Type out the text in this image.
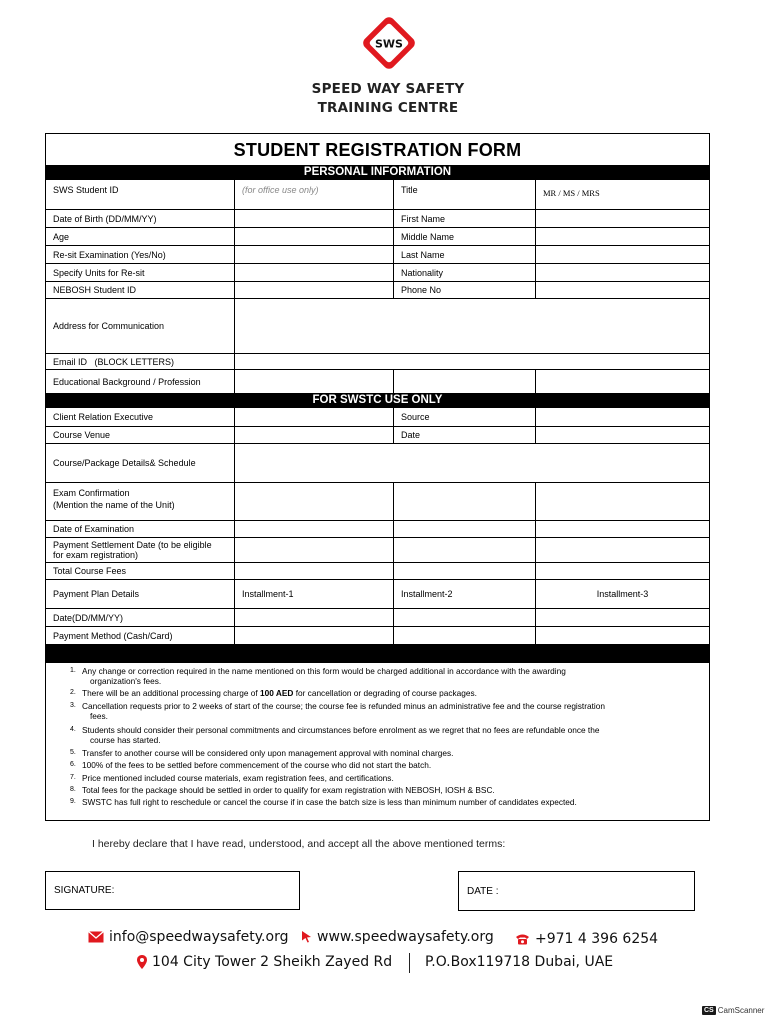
SWS
SPEED WAY SAFETY
TRAINING CENTRE
STUDENT REGISTRATION FORM
PERSONAL INFORMATION
SWS Student ID	(for office use only)	Title	MR / MS / MRS
Date of Birth (DD/MM/YY)	First Name
Age	Middle Name
Re-sit Examination (Yes/No)	Last Name
Specify Units for Re-sit	Nationality
NEBOSH Student ID	Phone No
Address for Communication
Email ID   (BLOCK LETTERS)
Educational Background / Profession
FOR SWSTC USE ONLY
Client Relation Executive	Source
Course Venue	Date
Course/Package Details& Schedule
Exam Confirmation
(Mention the name of the Unit)
Date of Examination
Payment Settlement Date (to be eligible
for exam registration)
Total Course Fees
Payment Plan Details	Installment-1	Installment-2	Installment-3
Date(DD/MM/YY)
Payment Method (Cash/Card)
1. Any change or correction required in the name mentioned on this form would be charged additional in accordance with the awarding
organization's fees.
2. There will be an additional processing charge of 100 AED for cancellation or degrading of course packages.
3. Cancellation requests prior to 2 weeks of start of the course; the course fee is refunded minus an administrative fee and the course registration
fees.
4. Students should consider their personal commitments and circumstances before enrolment as we regret that no fees are refundable once the
course has started.
5. Transfer to another course will be considered only upon management approval with nominal charges.
6. 100% of the fees to be settled before commencement of the course who did not start the batch.
7. Price mentioned included course materials, exam registration fees, and certifications.
8. Total fees for the package should be settled in order to qualify for exam registration with NEBOSH, IOSH & BSC.
9. SWSTC has full right to reschedule or cancel the course if in case the batch size is less than minimum number of candidates expected.
I hereby declare that I have read, understood, and accept all the above mentioned terms:
SIGNATURE:	DATE :
info@speedwaysafety.org www.speedwaysafety.org	+971 4 396 6254
104 City Tower 2 Sheikh Zayed Rd P.O.Box119718 Dubai, UAE
CS CamScanner
